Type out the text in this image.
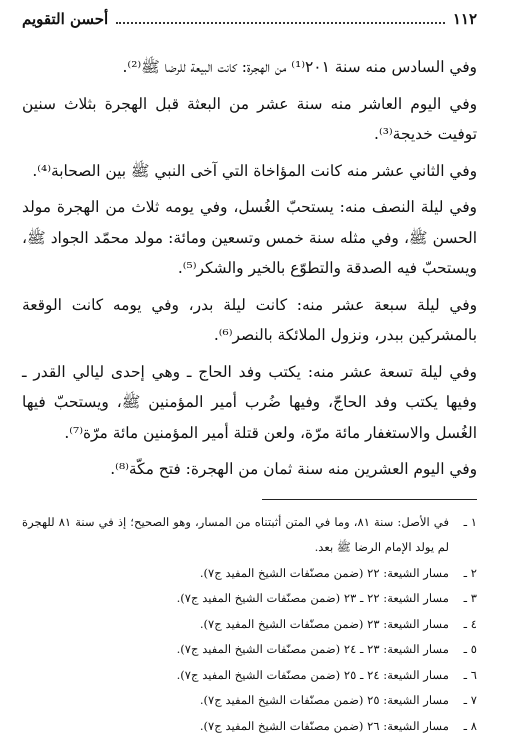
١١٢
أحسن التقويم

وفي السادس منه سنة ٢٠١⁽¹⁾ من الهجرة: كانت البيعة للرضا ﷺ⁽²⁾.

وفي اليوم العاشر منه سنة عشر من البعثة قبل الهجرة بثلاث سنين توفيت خديجة⁽³⁾.

وفي الثاني عشر منه كانت المؤاخاة التي آخى النبي ﷺ بين الصحابة⁽⁴⁾.

وفي ليلة النصف منه: يستحبّ الغُسل، وفي يومه ثلاث من الهجرة مولد الحسن ﷺ، وفي مثله سنة خمس وتسعين ومائة: مولد محمّد الجواد ﷺ، ويستحبّ فيه الصدقة والتطوّع بالخير والشكر⁽⁵⁾.

وفي ليلة سبعة عشر منه: كانت ليلة بدر، وفي يومه كانت الوقعة بالمشركين ببدر، ونزول الملائكة بالنصر⁽⁶⁾.

وفي ليلة تسعة عشر منه: يكتب وفد الحاج ـ وهي إحدى ليالي القدر ـ وفيها يكتب وفد الحاجّ، وفيها ضُرب أمير المؤمنين ﷺ، ويستحبّ فيها الغُسل والاستغفار مائة مرّة، ولعن قتلة أمير المؤمنين مائة مرّة⁽⁷⁾.

وفي اليوم العشرين منه سنة ثمان من الهجرة: فتح مكّة⁽⁸⁾.

١ ـ
في الأصل: سنة ٨١، وما في المتن أثبتناه من المسار، وهو الصحيح؛ إذ في سنة ٨١ للهجرة لم يولد الإمام الرضا ﷺ بعد.
٢ ـ
مسار الشيعة: ٢٢ (ضمن مصنّفات الشيخ المفيد ج٧).
٣ ـ
مسار الشيعة: ٢٢ ـ ٢٣ (ضمن مصنّفات الشيخ المفيد ج٧).
٤ ـ
مسار الشيعة: ٢٣ (ضمن مصنّفات الشيخ المفيد ج٧).
٥ ـ
مسار الشيعة: ٢٣ ـ ٢٤ (ضمن مصنّفات الشيخ المفيد ج٧).
٦ ـ
مسار الشيعة: ٢٤ ـ ٢٥ (ضمن مصنّفات الشيخ المفيد ج٧).
٧ ـ
مسار الشيعة: ٢٥ (ضمن مصنّفات الشيخ المفيد ج٧).
٨ ـ
مسار الشيعة: ٢٦ (ضمن مصنّفات الشيخ المفيد ج٧).
